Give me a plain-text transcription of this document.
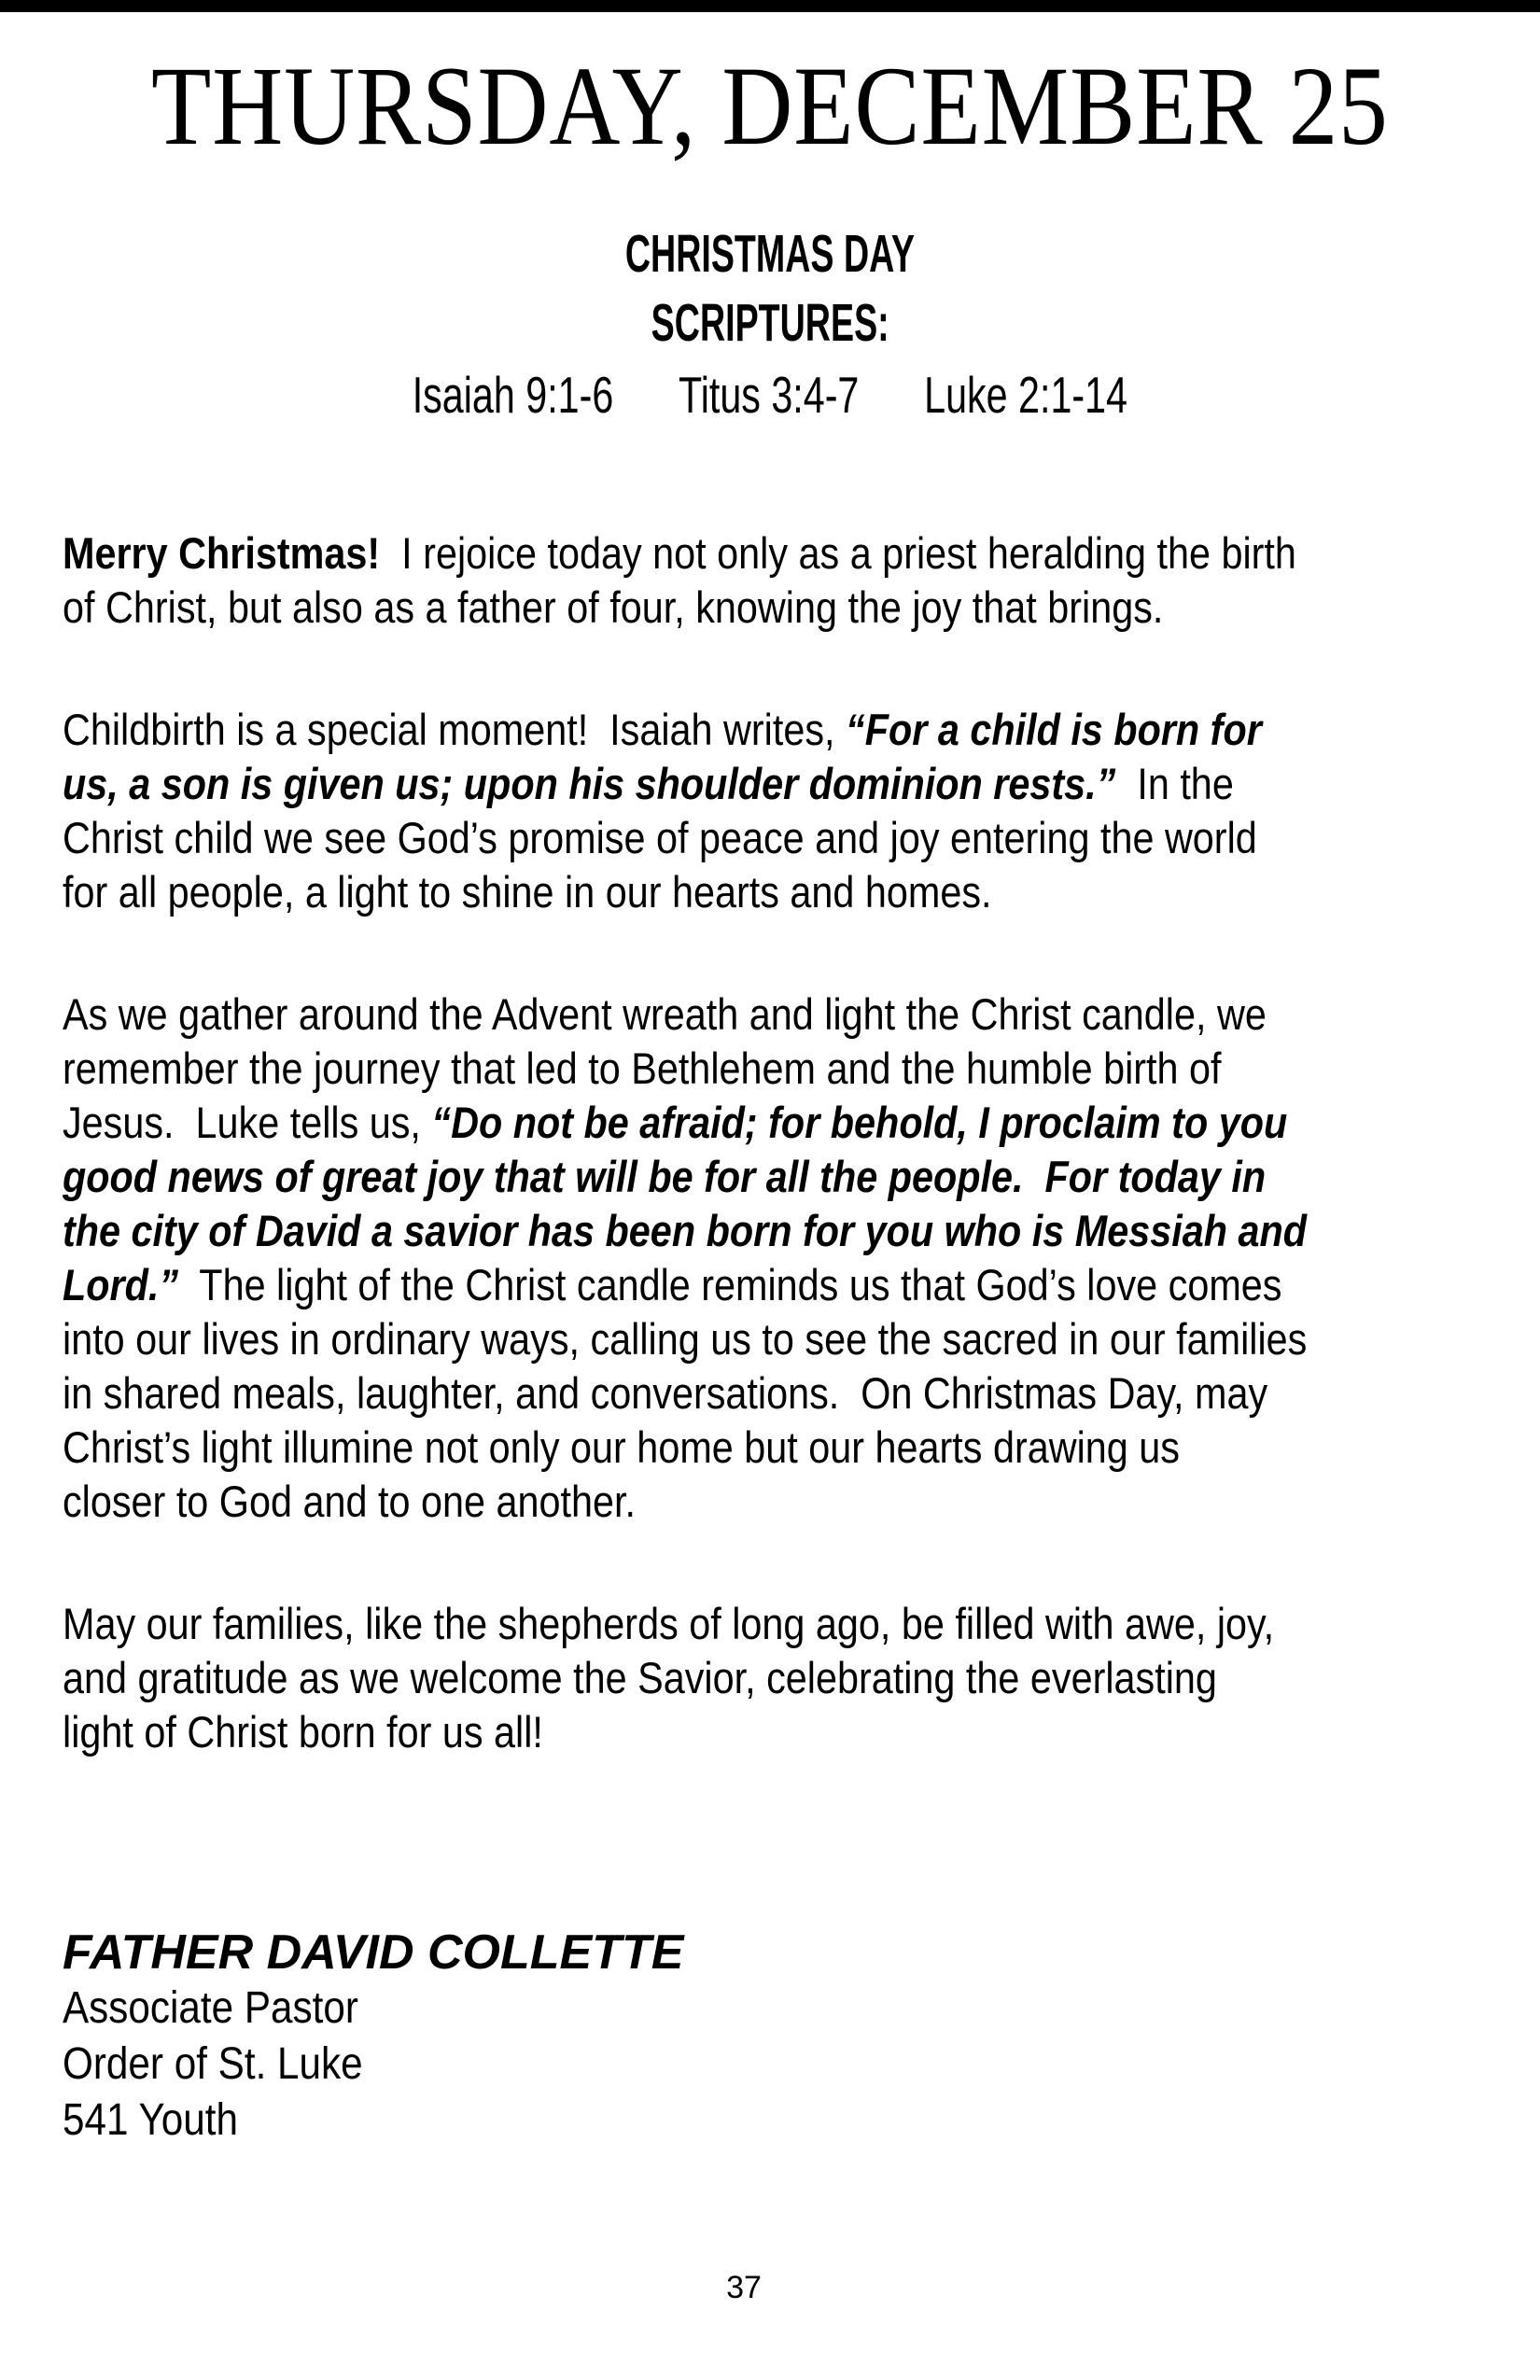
THURSDAY, DECEMBER 25
CHRISTMAS DAY
SCRIPTURES:
Isaiah 9:1-6 Titus 3:4-7 Luke 2:1-14
Merry Christmas!  I rejoice today not only as a priest heralding the birth
of Christ, but also as a father of four, knowing the joy that brings.
Childbirth is a special moment!  Isaiah writes, “For a child is born for
us, a son is given us; upon his shoulder dominion rests.”  In the
Christ child we see God’s promise of peace and joy entering the world
for all people, a light to shine in our hearts and homes.
As we gather around the Advent wreath and light the Christ candle, we
remember the journey that led to Bethlehem and the humble birth of
Jesus.  Luke tells us, “Do not be afraid; for behold, I proclaim to you
good news of great joy that will be for all the people.  For today in
the city of David a savior has been born for you who is Messiah and
Lord.”  The light of the Christ candle reminds us that God’s love comes
into our lives in ordinary ways, calling us to see the sacred in our families
in shared meals, laughter, and conversations.  On Christmas Day, may
Christ’s light illumine not only our home but our hearts drawing us
closer to God and to one another.
May our families, like the shepherds of long ago, be filled with awe, joy,
and gratitude as we welcome the Savior, celebrating the everlasting
light of Christ born for us all!
FATHER DAVID COLLETTE
Associate Pastor
Order of St. Luke
541 Youth
37
